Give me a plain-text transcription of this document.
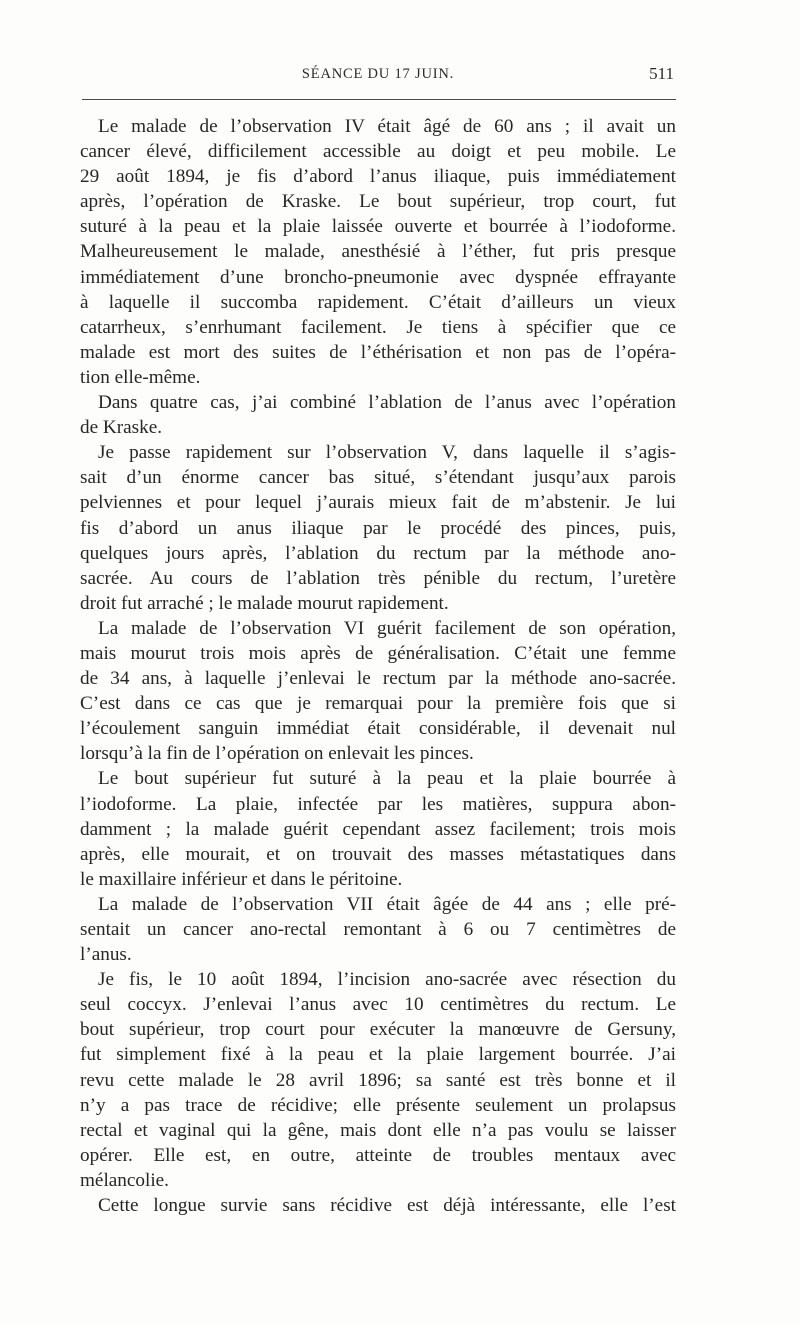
SÉANCE DU 17 JUIN.	511
Le malade de l’observation IV était âgé de 60 ans ; il avait un
cancer élevé, difficilement accessible au doigt et peu mobile. Le
29 août 1894, je fis d’abord l’anus iliaque, puis immédiatement
après, l’opération de Kraske. Le bout supérieur, trop court, fut
suturé à la peau et la plaie laissée ouverte et bourrée à l’iodoforme.
Malheureusement le malade, anesthésié à l’éther, fut pris presque
immédiatement d’une broncho-pneumonie avec dyspnée effrayante
à laquelle il succomba rapidement. C’était d’ailleurs un vieux
catarrheux, s’enrhumant facilement. Je tiens à spécifier que ce
malade est mort des suites de l’éthérisation et non pas de l’opéra-
tion elle-même.
Dans quatre cas, j’ai combiné l’ablation de l’anus avec l’opération
de Kraske.
Je passe rapidement sur l’observation V, dans laquelle il s’agis-
sait d’un énorme cancer bas situé, s’étendant jusqu’aux parois
pelviennes et pour lequel j’aurais mieux fait de m’abstenir. Je lui
fis d’abord un anus iliaque par le procédé des pinces, puis,
quelques jours après, l’ablation du rectum par la méthode ano-
sacrée. Au cours de l’ablation très pénible du rectum, l’uretère
droit fut arraché ; le malade mourut rapidement.
La malade de l’observation VI guérit facilement de son opération,
mais mourut trois mois après de généralisation. C’était une femme
de 34 ans, à laquelle j’enlevai le rectum par la méthode ano-sacrée.
C’est dans ce cas que je remarquai pour la première fois que si
l’écoulement sanguin immédiat était considérable, il devenait nul
lorsqu’à la fin de l’opération on enlevait les pinces.
Le bout supérieur fut suturé à la peau et la plaie bourrée à
l’iodoforme. La plaie, infectée par les matières, suppura abon-
damment ; la malade guérit cependant assez facilement; trois mois
après, elle mourait, et on trouvait des masses métastatiques dans
le maxillaire inférieur et dans le péritoine.
La malade de l’observation VII était âgée de 44 ans ; elle pré-
sentait un cancer ano-rectal remontant à 6 ou 7 centimètres de
l’anus.
Je fis, le 10 août 1894, l’incision ano-sacrée avec résection du
seul coccyx. J’enlevai l’anus avec 10 centimètres du rectum. Le
bout supérieur, trop court pour exécuter la manœuvre de Gersuny,
fut simplement fixé à la peau et la plaie largement bourrée. J’ai
revu cette malade le 28 avril 1896; sa santé est très bonne et il
n’y a pas trace de récidive; elle présente seulement un prolapsus
rectal et vaginal qui la gêne, mais dont elle n’a pas voulu se laisser
opérer. Elle est, en outre, atteinte de troubles mentaux avec
mélancolie.
Cette longue survie sans récidive est déjà intéressante, elle l’est
